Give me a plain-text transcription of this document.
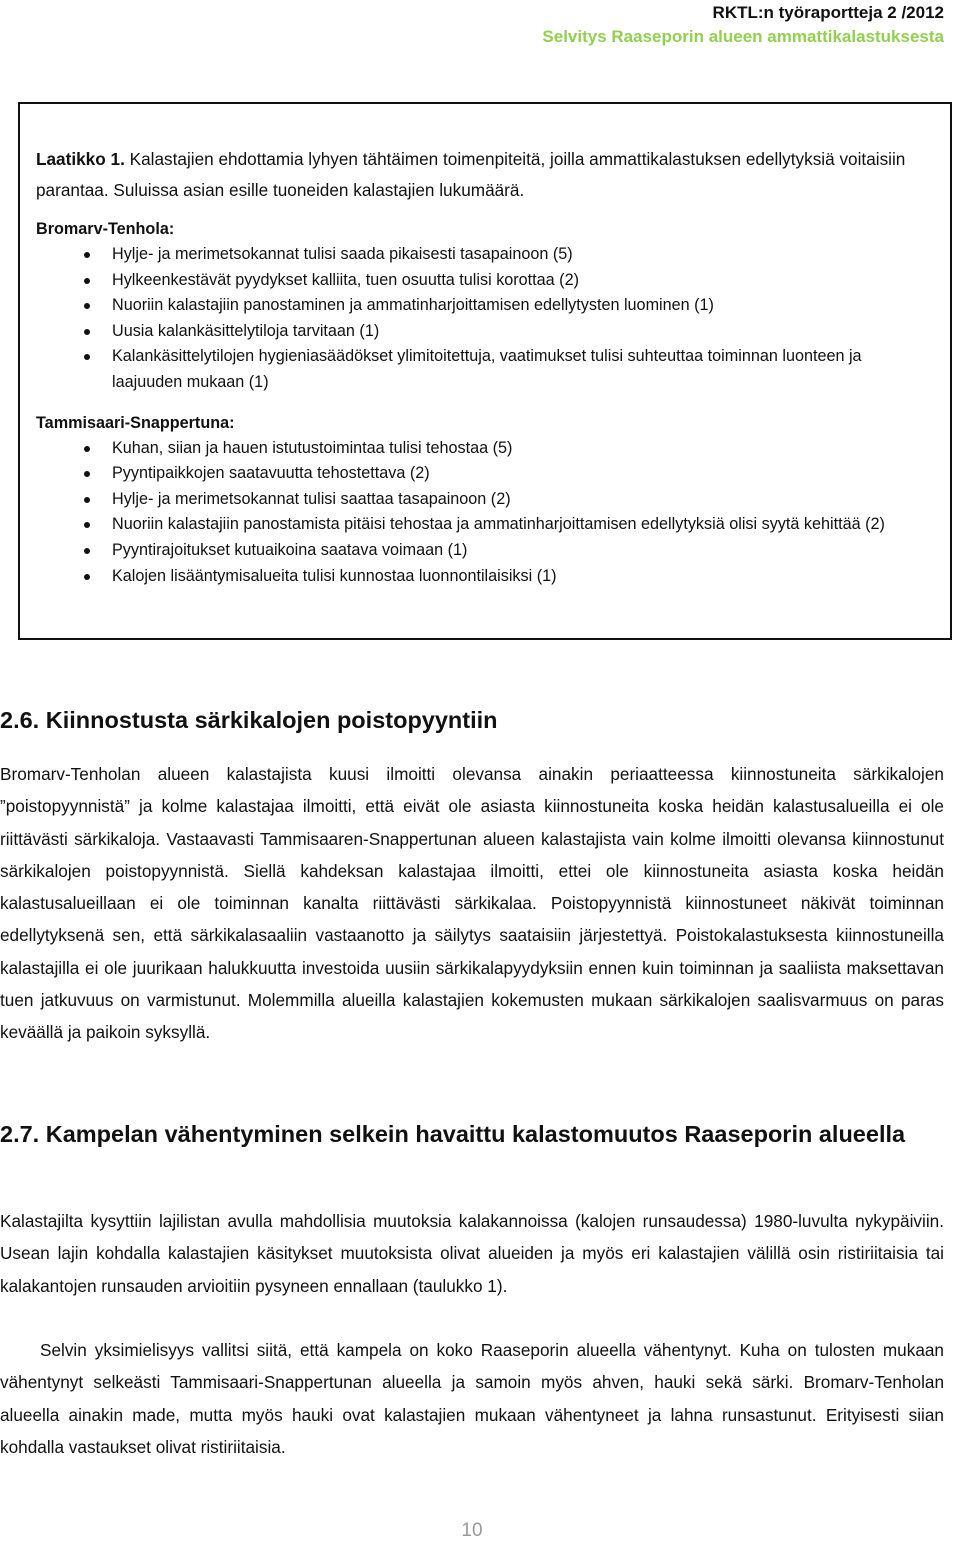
RKTL:n työraportteja 2 /2012
Selvitys Raaseporin alueen ammattikalastuksesta
Laatikko 1. Kalastajien ehdottamia lyhyen tähtäimen toimenpiteitä, joilla ammattikalastuksen edellytyksiä voitaisiin parantaa. Suluissa asian esille tuoneiden kalastajien lukumäärä.
Bromarv-Tenhola:
Hylje- ja merimetsokannat tulisi saada pikaisesti tasapainoon (5)
Hylkeenkestävät pyydykset kalliita, tuen osuutta tulisi korottaa (2)
Nuoriin kalastajiin panostaminen ja ammatinharjoittamisen edellytysten luominen (1)
Uusia kalankäsittelytiloja tarvitaan (1)
Kalankäsittelytilojen hygieniasäädökset ylimitoitettuja, vaatimukset tulisi suhteuttaa toiminnan luonteen ja laajuuden mukaan (1)
Tammisaari-Snappertuna:
Kuhan, siian ja hauen istutustoimintaa tulisi tehostaa (5)
Pyyntipaikkojen saatavuutta tehostettava (2)
Hylje- ja merimetsokannat tulisi saattaa tasapainoon (2)
Nuoriin kalastajiin panostamista pitäisi tehostaa ja ammatinharjoittamisen edellytyksiä olisi syytä kehittää (2)
Pyyntirajoitukset kutuaikoina saatava voimaan (1)
Kalojen lisääntymisalueita tulisi kunnostaa luonnontilaisiksi (1)
2.6. Kiinnostusta särkikalojen poistopyyntiin

Bromarv-Tenholan alueen kalastajista kuusi ilmoitti olevansa ainakin periaatteessa kiinnostuneita särkikalojen ”poistopyynnistä” ja kolme kalastajaa ilmoitti, että eivät ole asiasta kiinnostuneita koska heidän kalastusalueilla ei ole riittävästi särkikaloja. Vastaavasti Tammisaaren-Snappertunan alueen kalastajista vain kolme ilmoitti olevansa kiinnostunut särkikalojen poistopyynnistä. Siellä kahdeksan kalastajaa ilmoitti, ettei ole kiinnostuneita asiasta koska heidän kalastusalueillaan ei ole toiminnan kanalta riittävästi särkikalaa. Poistopyynnistä kiinnostuneet näkivät toiminnan edellytyksenä sen, että särkikalasaaliin vastaanotto ja säilytys saataisiin järjestettyä. Poistokalastuksesta kiinnostuneilla kalastajilla ei ole juurikaan halukkuutta investoida uusiin särkikalapyydyksiin ennen kuin toiminnan ja saaliista maksettavan tuen jatkuvuus on varmistunut. Molemmilla alueilla kalastajien kokemusten mukaan särkikalojen saalisvarmuus on paras keväällä ja paikoin syksyllä.

2.7. Kampelan vähentyminen selkein havaittu kalastomuutos Raaseporin alueella

Kalastajilta kysyttiin lajilistan avulla mahdollisia muutoksia kalakannoissa (kalojen runsaudessa) 1980-luvulta nykypäiviin. Usean lajin kohdalla kalastajien käsitykset muutoksista olivat alueiden ja myös eri kalastajien välillä osin ristiriitaisia tai kalakantojen runsauden arvioitiin pysyneen ennallaan (taulukko 1).

Selvin yksimielisyys vallitsi siitä, että kampela on koko Raaseporin alueella vähentynyt. Kuha on tulosten mukaan vähentynyt selkeästi Tammisaari-Snappertunan alueella ja samoin myös ahven, hauki sekä särki. Bromarv-Tenholan alueella ainakin made, mutta myös hauki ovat kalastajien mukaan vähentyneet ja lahna runsastunut. Erityisesti siian kohdalla vastaukset olivat ristiriitaisia.

10
